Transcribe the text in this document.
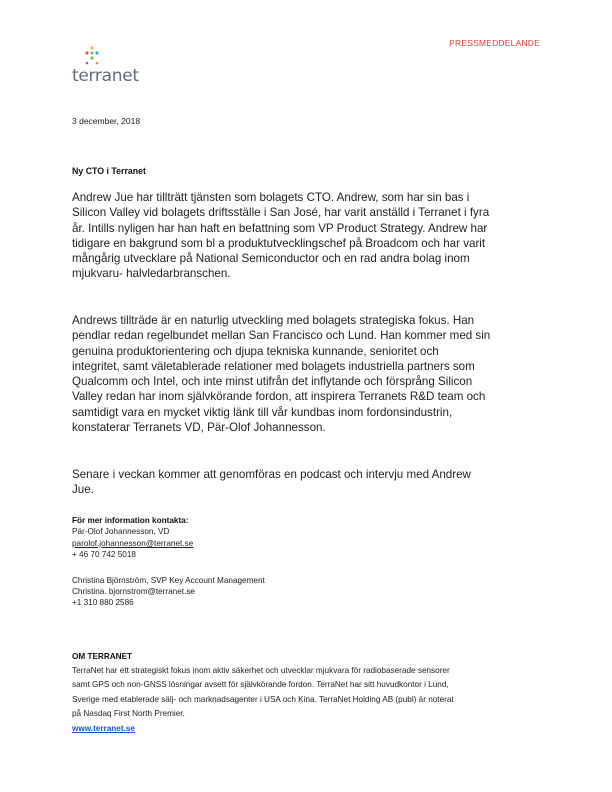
PRESSMEDDELANDE
terranet
3 december, 2018
Ny CTO i Terranet

Andrew Jue har tillträtt tjänsten som bolagets CTO. Andrew, som har sin bas i

Silicon Valley vid bolagets driftsställe i San José, har varit anställd i Terranet i fyra

år. Intills nyligen har han haft en befattning som VP Product Strategy. Andrew har

tidigare en bakgrund som bl a produktutvecklingschef på Broadcom och har varit

mångårig utvecklare på National Semiconductor och en rad andra bolag inom

mjukvaru- halvledarbranschen.

Andrews tillträde är en naturlig utveckling med bolagets strategiska fokus. Han

pendlar redan regelbundet mellan San Francisco och Lund. Han kommer med sin

genuina produktorientering och djupa tekniska kunnande, senioritet och

integritet, samt väletablerade relationer med bolagets industriella partners som

Qualcomm och Intel, och inte minst utifrån det inflytande och försprång Silicon

Valley redan har inom självkörande fordon, att inspirera Terranets R&D team och

samtidigt vara en mycket viktig länk till vår kundbas inom fordonsindustrin,

konstaterar Terranets VD, Pär-Olof Johannesson.

Senare i veckan kommer att genomföras en podcast och intervju med Andrew

Jue.

För mer information kontakta:
Pär-Olof Johannesson, VD
parolof.johannesson@terranet.se
+ 46 70 742 5018
Christina Björnström, SVP Key Account Management
Christina. bjornstrom@terranet.se
+1 310 880 2586
OM TERRANET
TerraNet har ett strategiskt fokus inom aktiv säkerhet och utvecklar mjukvara för radiobaserade sensorer
samt GPS och non-GNSS lösningar avsett för självkörande fordon. TerraNet har sitt huvudkontor i Lund,
Sverige med etablerade sälj- och marknadsagenter i USA och Kina. TerraNet Holding AB (publ) är noterat
på Nasdaq First North Premier.
www.terranet.se
